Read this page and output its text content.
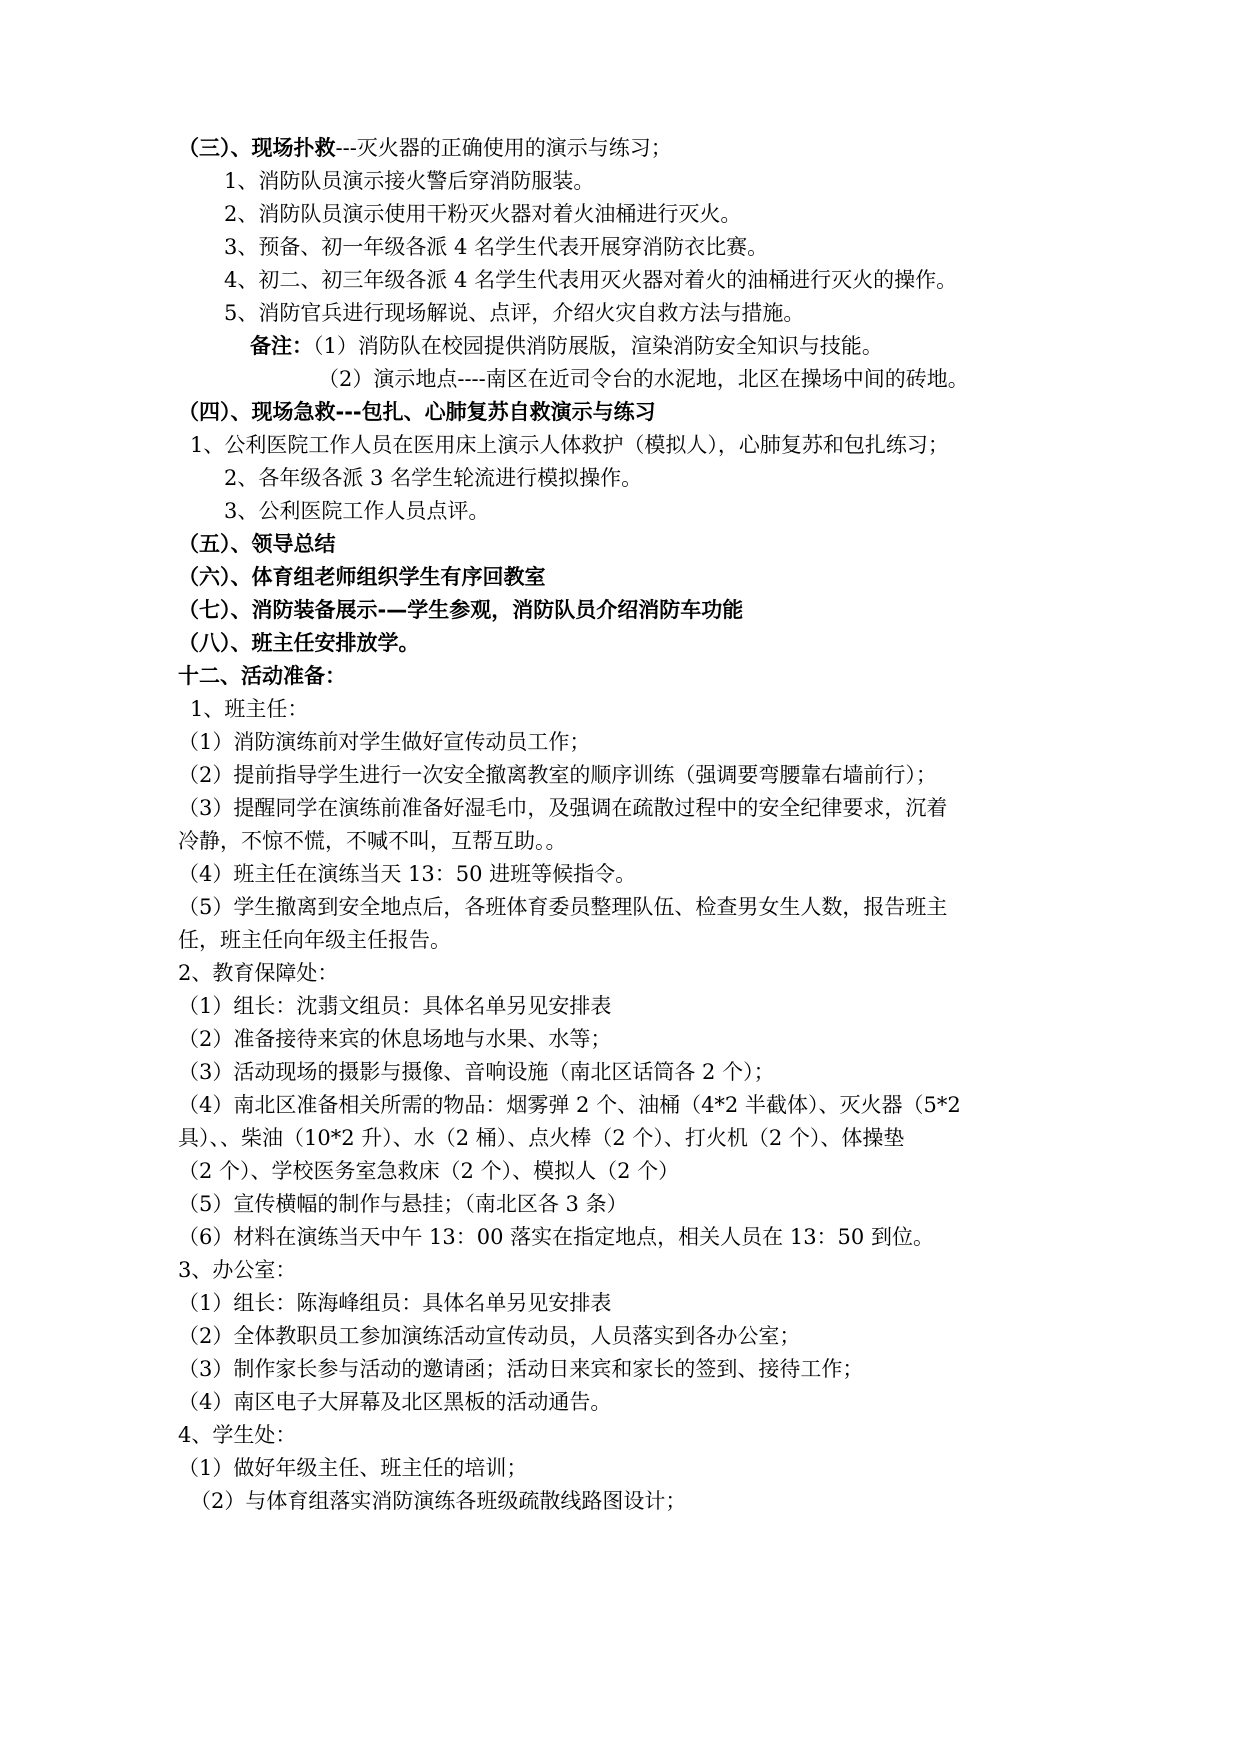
（三）、现场扑救---灭火器的正确使用的演示与练习；
1、消防队员演示接火警后穿消防服装。
2、消防队员演示使用干粉灭火器对着火油桶进行灭火。
3、预备、初一年级各派 4 名学生代表开展穿消防衣比赛。
4、初二、初三年级各派 4 名学生代表用灭火器对着火的油桶进行灭火的操作。
5、消防官兵进行现场解说、点评，介绍火灾自救方法与措施。
备注：（1）消防队在校园提供消防展版，渲染消防安全知识与技能。
（2）演示地点----南区在近司令台的水泥地，北区在操场中间的砖地。
（四）、现场急救---包扎、心肺复苏自救演示与练习
1、公利医院工作人员在医用床上演示人体救护（模拟人），心肺复苏和包扎练习；
2、各年级各派 3 名学生轮流进行模拟操作。
3、公利医院工作人员点评。
（五）、领导总结
（六）、体育组老师组织学生有序回教室
（七）、消防装备展示-—学生参观，消防队员介绍消防车功能
（八）、班主任安排放学。
十二、活动准备：
1、班主任：
（1）消防演练前对学生做好宣传动员工作；
（2）提前指导学生进行一次安全撤离教室的顺序训练（强调要弯腰靠右墙前行）；
（3）提醒同学在演练前准备好湿毛巾，及强调在疏散过程中的安全纪律要求，沉着
冷静，不惊不慌，不喊不叫，互帮互助。。
（4）班主任在演练当天 13：50 进班等候指令。
（5）学生撤离到安全地点后，各班体育委员整理队伍、检查男女生人数，报告班主
任，班主任向年级主任报告。
2、教育保障处：
（1）组长：沈翡文组员：具体名单另见安排表
（2）准备接待来宾的休息场地与水果、水等；
（3）活动现场的摄影与摄像、音响设施（南北区话筒各 2 个）；
（4）南北区准备相关所需的物品：烟雾弹 2 个、油桶（4*2 半截体）、灭火器（5*2
具）、、柴油（10*2 升）、水（2 桶）、点火棒（2 个）、打火机（2 个）、体操垫
（2 个）、学校医务室急救床（2 个）、模拟人（2 个）
（5）宣传横幅的制作与悬挂；（南北区各 3 条）
（6）材料在演练当天中午 13：00 落实在指定地点，相关人员在 13：50 到位。
3、办公室：
（1）组长：陈海峰组员：具体名单另见安排表
（2）全体教职员工参加演练活动宣传动员，人员落实到各办公室；
（3）制作家长参与活动的邀请函；活动日来宾和家长的签到、接待工作；
（4）南区电子大屏幕及北区黑板的活动通告。
4、学生处：
（1）做好年级主任、班主任的培训；
（2）与体育组落实消防演练各班级疏散线路图设计；
